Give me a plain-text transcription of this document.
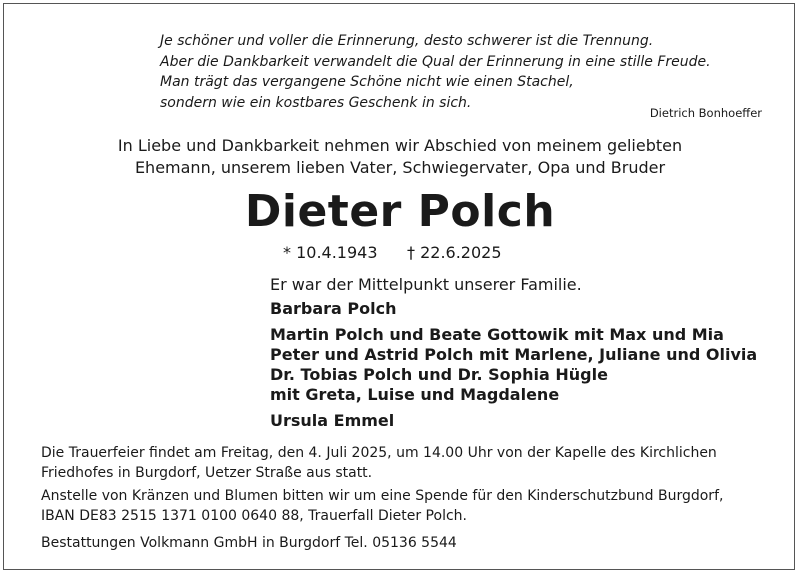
Je schöner und voller die Erinnerung, desto schwerer ist die Trennung.
Aber die Dankbarkeit verwandelt die Qual der Erinnerung in eine stille Freude.
Man trägt das vergangene Schöne nicht wie einen Stachel,
sondern wie ein kostbares Geschenk in sich.
Dietrich Bonhoeffer
In Liebe und Dankbarkeit nehmen wir Abschied von meinem geliebten
Ehemann, unserem lieben Vater, Schwiegervater, Opa und Bruder
Dieter Polch
* 10.4.1943 † 22.6.2025
Er war der Mittelpunkt unserer Familie.
Barbara Polch
Martin Polch und Beate Gottowik mit Max und Mia
Peter und Astrid Polch mit Marlene, Juliane und Olivia
Dr. Tobias Polch und Dr. Sophia Hügle
mit Greta, Luise und Magdalene
Ursula Emmel
Die Trauerfeier findet am Freitag, den 4. Juli 2025, um 14.00 Uhr von der Kapelle des Kirchlichen
Friedhofes in Burgdorf, Uetzer Straße aus statt.
Anstelle von Kränzen und Blumen bitten wir um eine Spende für den Kinderschutzbund Burgdorf,
IBAN DE83 2515 1371 0100 0640 88, Trauerfall Dieter Polch.
Bestattungen Volkmann GmbH in Burgdorf Tel. 05136 5544
